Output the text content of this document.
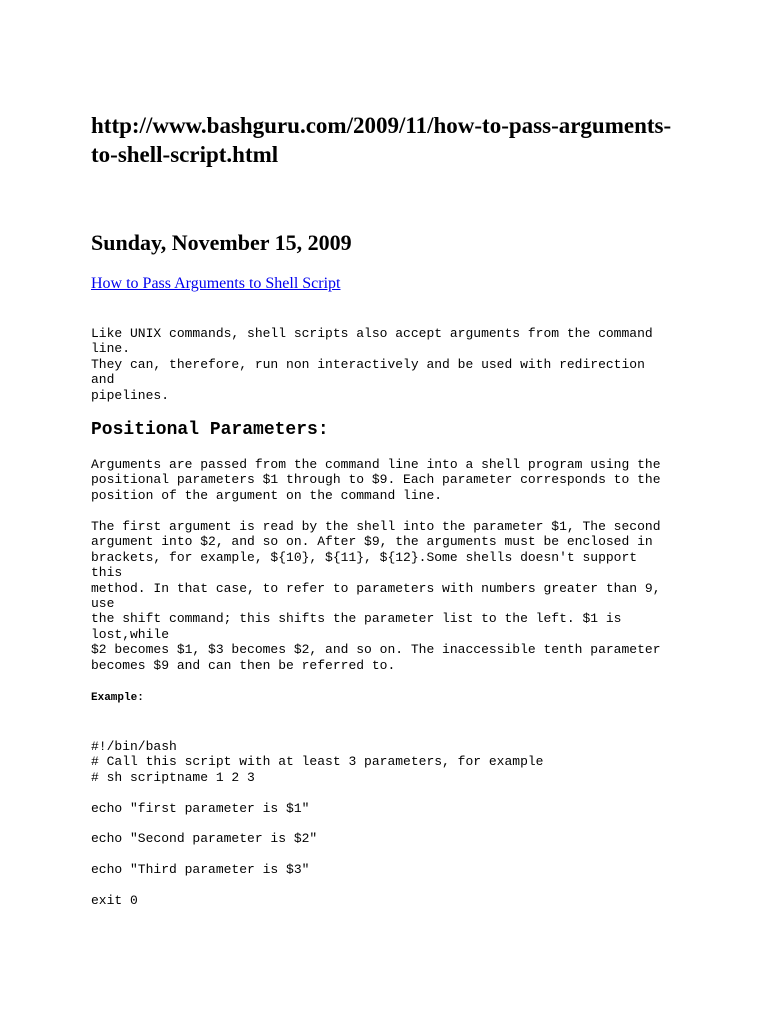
http://www.bashguru.com/2009/11/how-to-pass-arguments-
to-shell-script.html
Sunday, November 15, 2009
How to Pass Arguments to Shell Script

Like UNIX commands, shell scripts also accept arguments from the command
line.
They can, therefore, run non interactively and be used with redirection
and
pipelines.

Positional Parameters:

Arguments are passed from the command line into a shell program using the
positional parameters $1 through to $9. Each parameter corresponds to the
position of the argument on the command line.

The first argument is read by the shell into the parameter $1, The second
argument into $2, and so on. After $9, the arguments must be enclosed in
brackets, for example, ${10}, ${11}, ${12}.Some shells doesn't support
this
method. In that case, to refer to parameters with numbers greater than 9,
use
the shift command; this shifts the parameter list to the left. $1 is
lost,while
$2 becomes $1, $3 becomes $2, and so on. The inaccessible tenth parameter
becomes $9 and can then be referred to.

Example:
#!/bin/bash
# Call this script with at least 3 parameters, for example
# sh scriptname 1 2 3

echo "first parameter is $1"

echo "Second parameter is $2"

echo "Third parameter is $3"

exit 0
